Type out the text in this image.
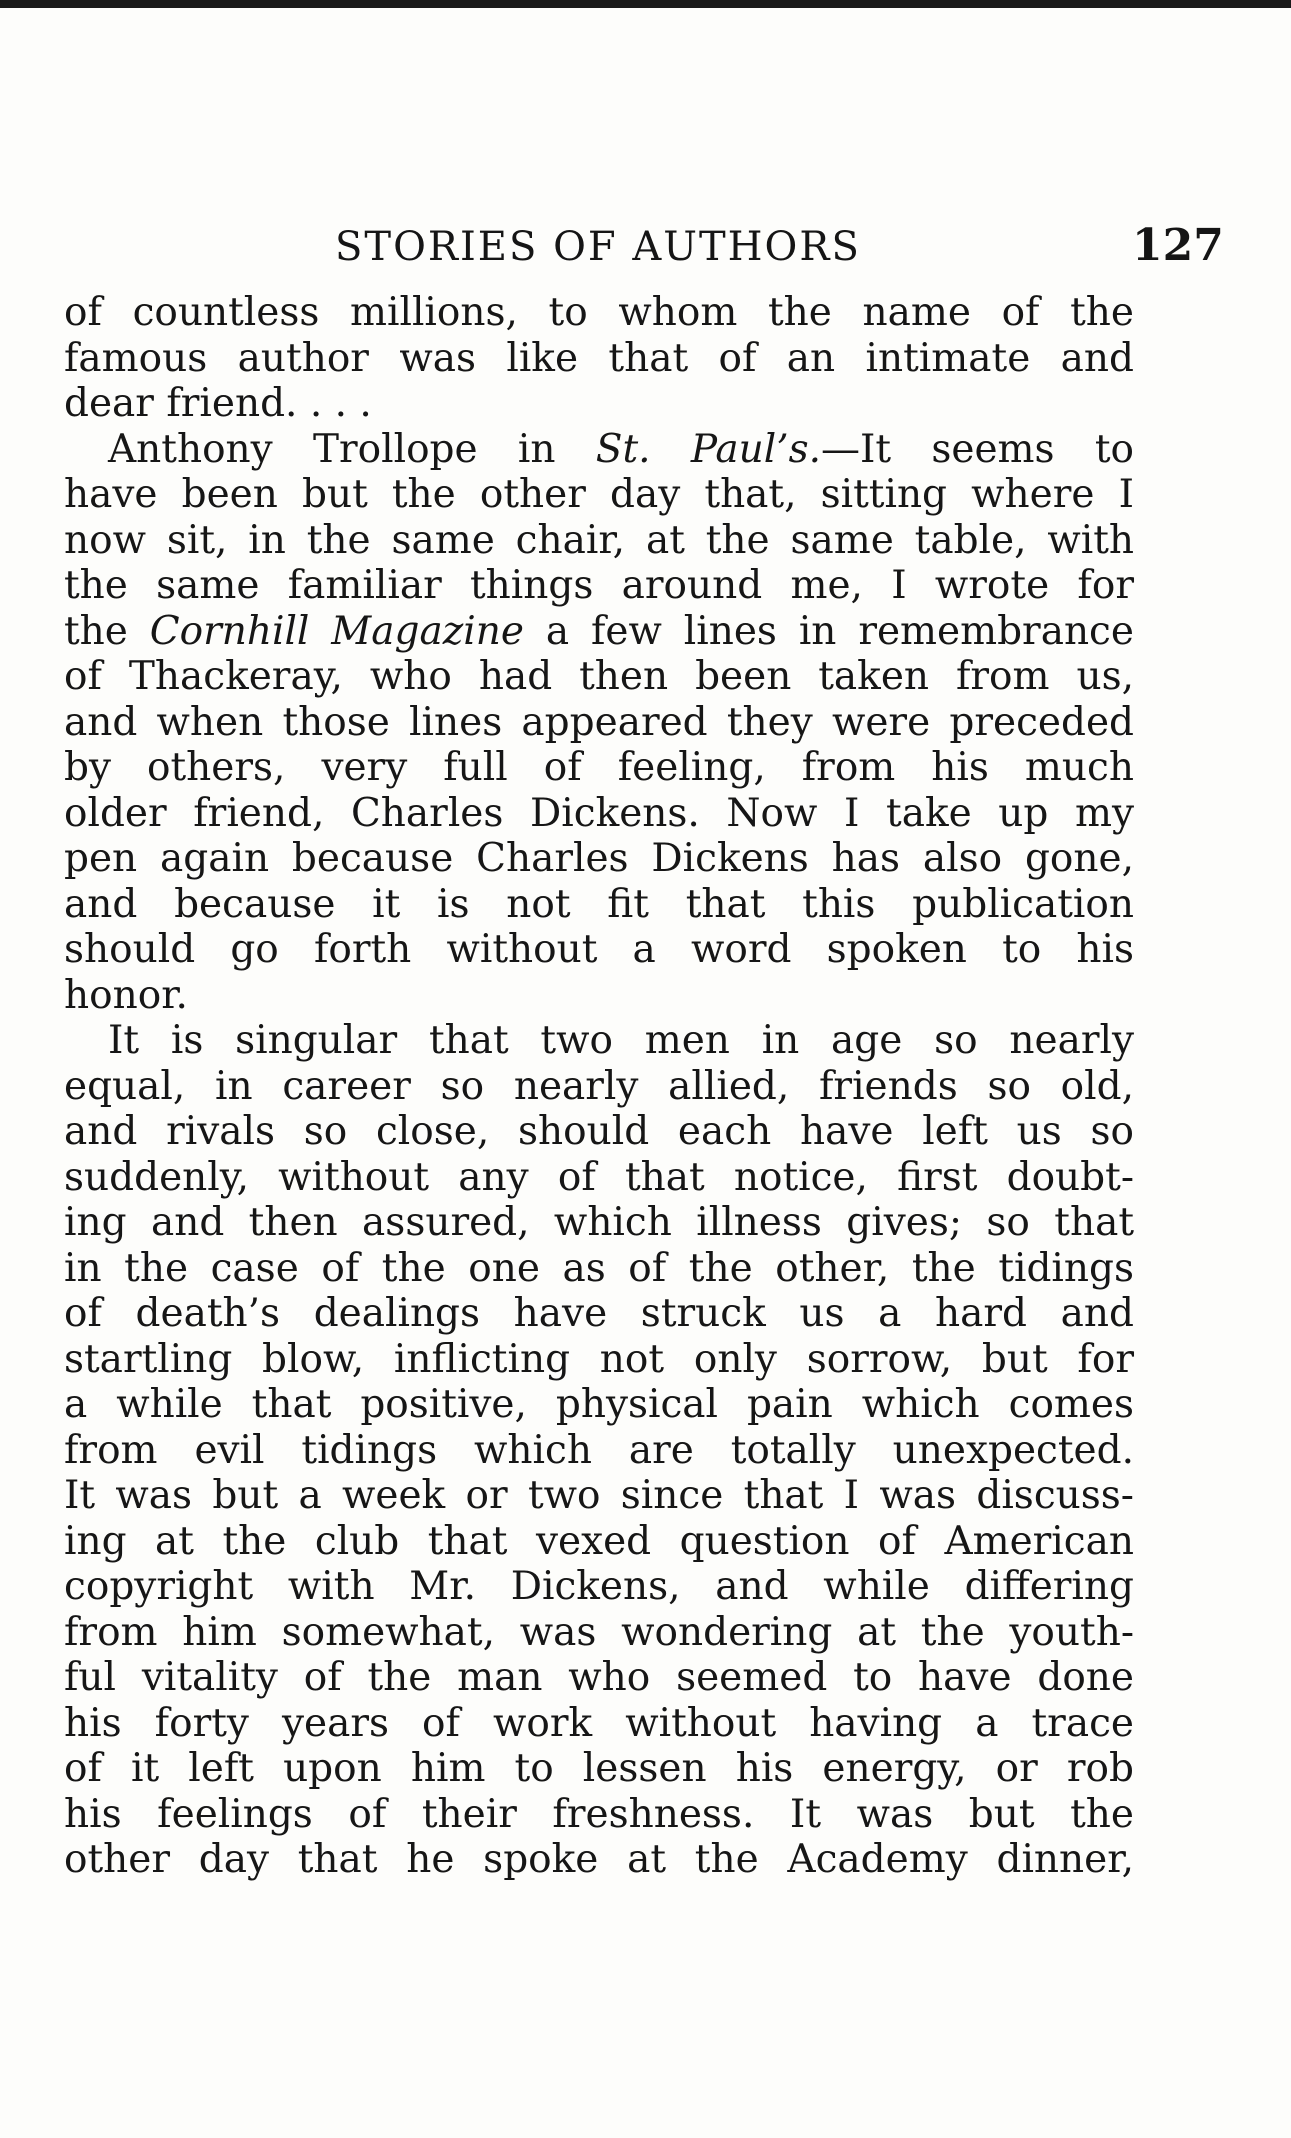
STORIES OF AUTHORS	127
of countless millions, to whom the name of the
famous author was like that of an intimate and
dear friend. . . .
Anthony Trollope in St. Paul’s.—It seems to
have been but the other day that, sitting where I
now sit, in the same chair, at the same table, with
the same familiar things around me, I wrote for
the Cornhill Magazine a few lines in remembrance
of Thackeray, who had then been taken from us,
and when those lines appeared they were preceded
by others, very full of feeling, from his much
older friend, Charles Dickens. Now I take up my
pen again because Charles Dickens has also gone,
and because it is not fit that this publication
should go forth without a word spoken to his
honor.
It is singular that two men in age so nearly
equal, in career so nearly allied, friends so old,
and rivals so close, should each have left us so
suddenly, without any of that notice, first doubt-
ing and then assured, which illness gives; so that
in the case of the one as of the other, the tidings
of death’s dealings have struck us a hard and
startling blow, inflicting not only sorrow, but for
a while that positive, physical pain which comes
from evil tidings which are totally unexpected.
It was but a week or two since that I was discuss-
ing at the club that vexed question of American
copyright with Mr. Dickens, and while differing
from him somewhat, was wondering at the youth-
ful vitality of the man who seemed to have done
his forty years of work without having a trace
of it left upon him to lessen his energy, or rob
his feelings of their freshness. It was but the
other day that he spoke at the Academy dinner,
